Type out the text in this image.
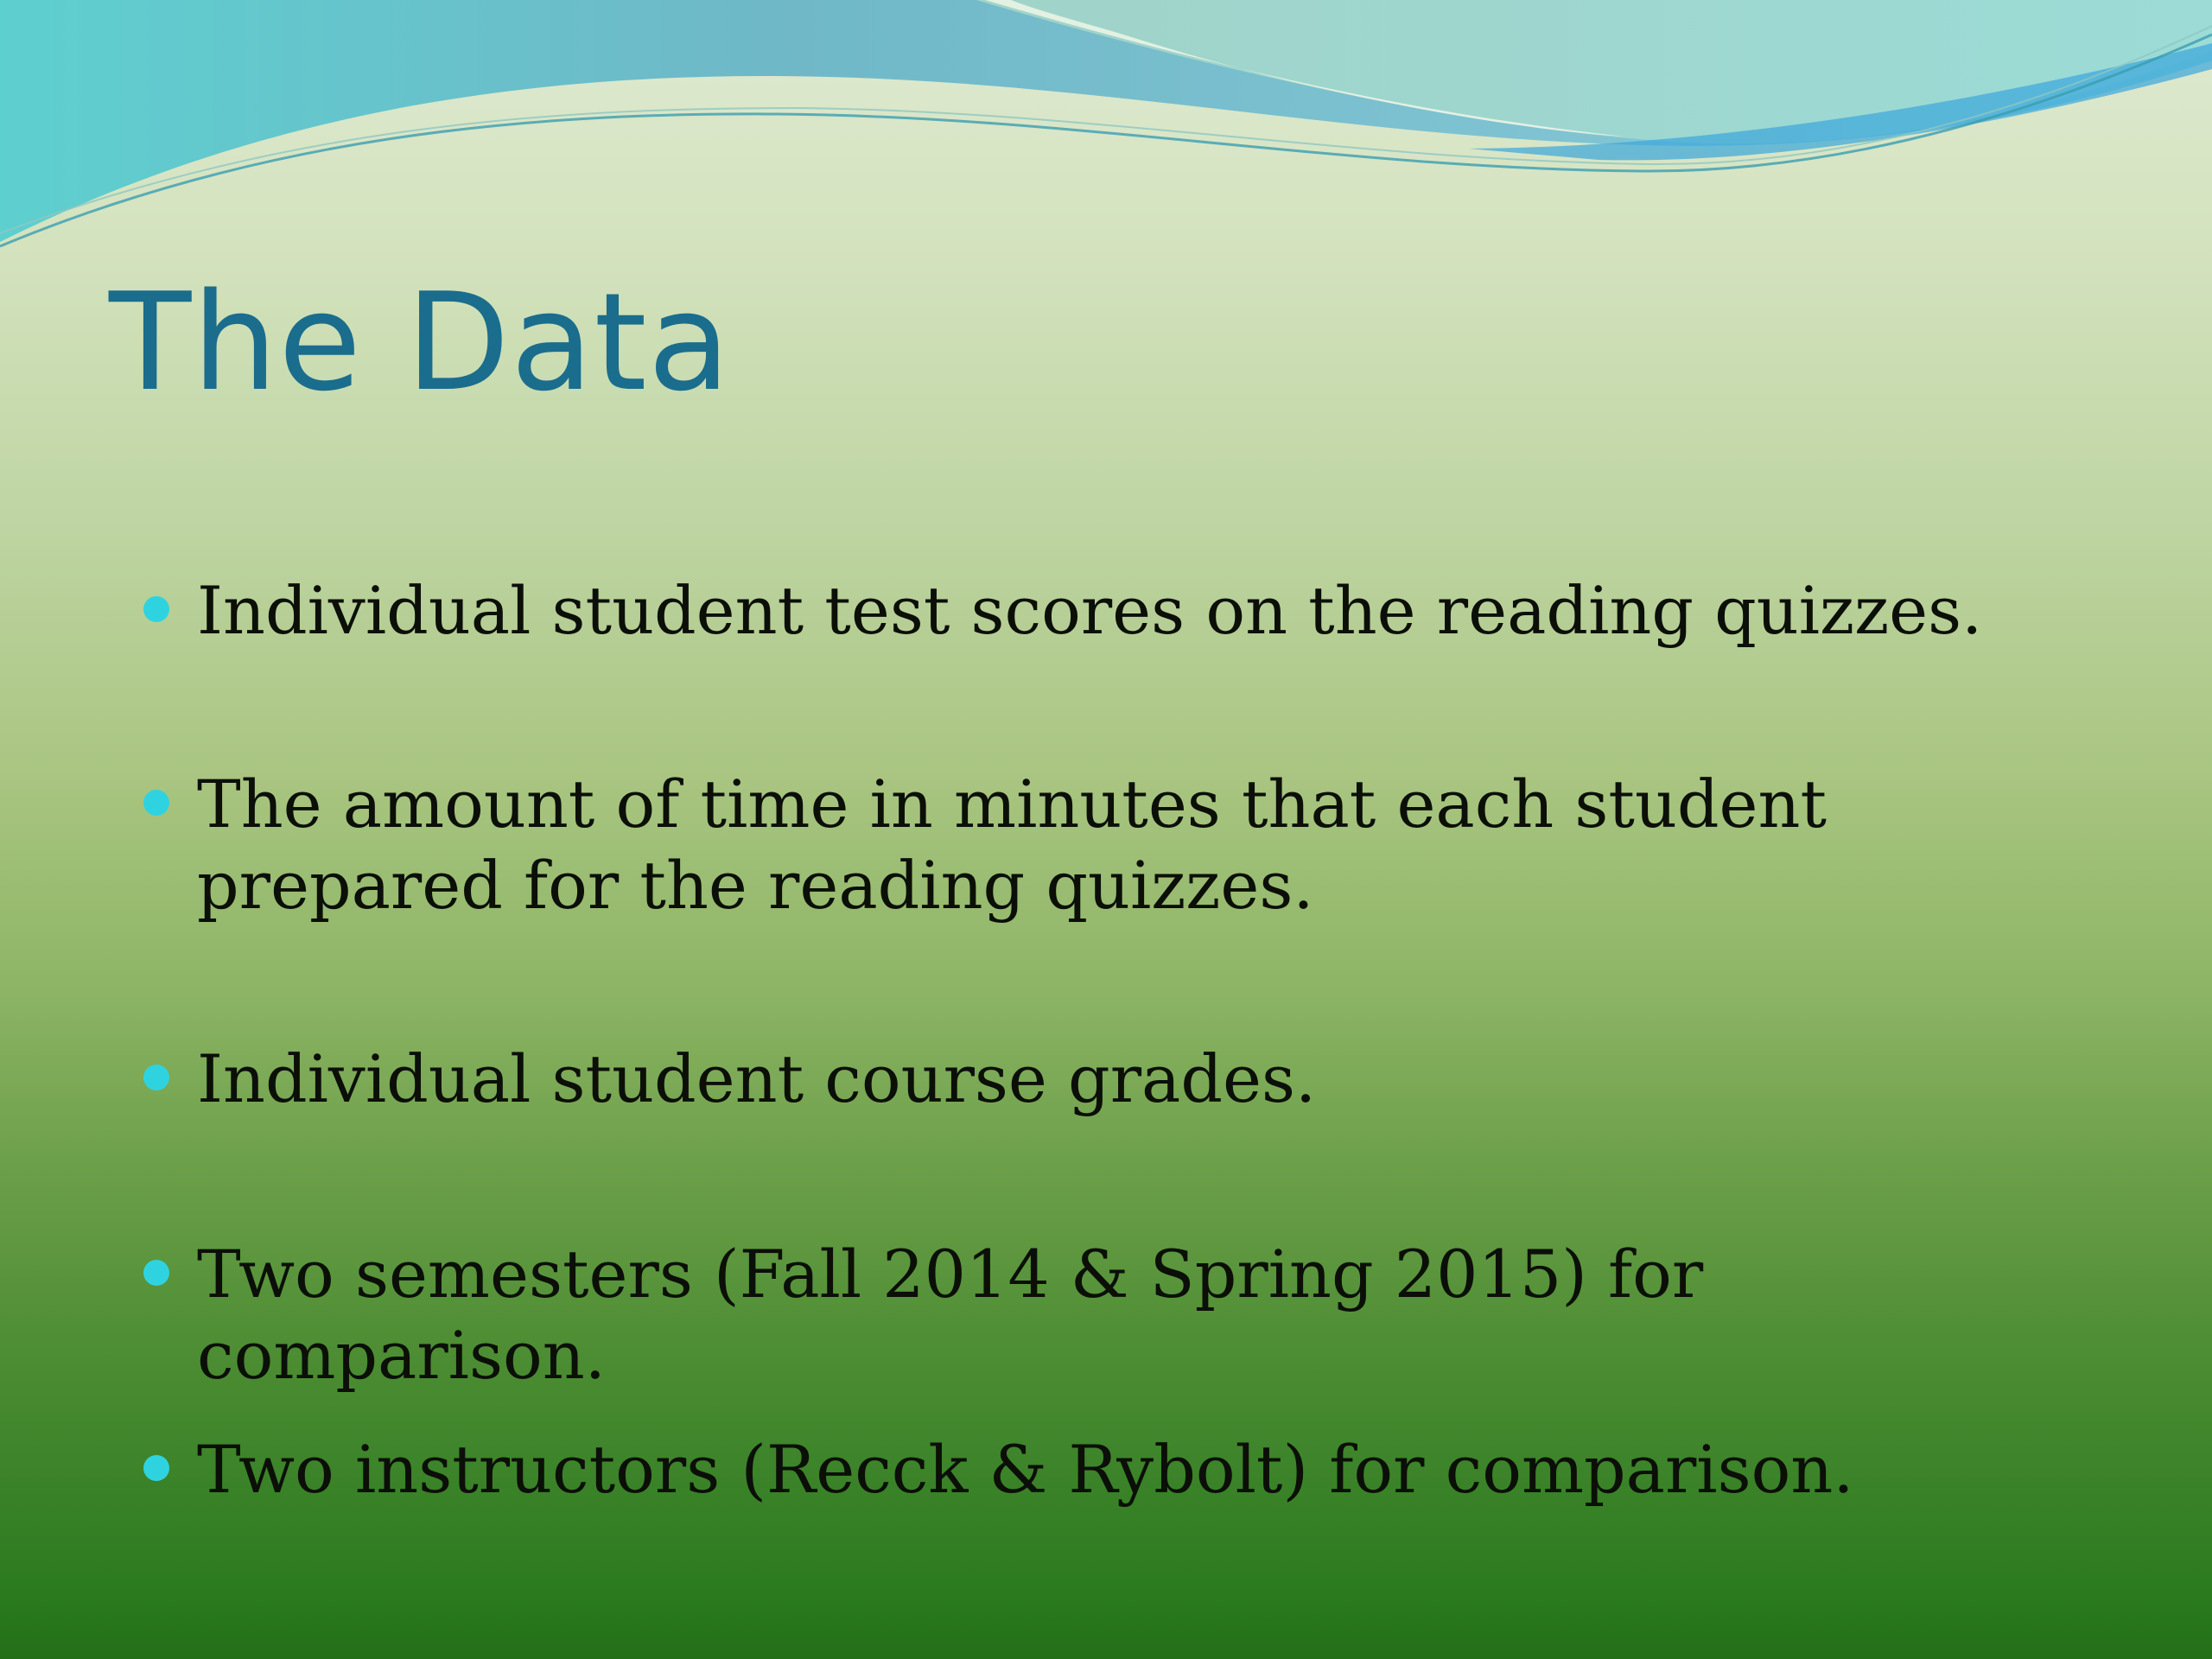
The Data
Individual student test scores on the reading quizzes.
The amount of time in minutes that each student prepared for the reading quizzes.
Individual student course grades.
Two semesters (Fall 2014 & Spring 2015) for comparison.
Two instructors (Recck & Rybolt) for comparison.
